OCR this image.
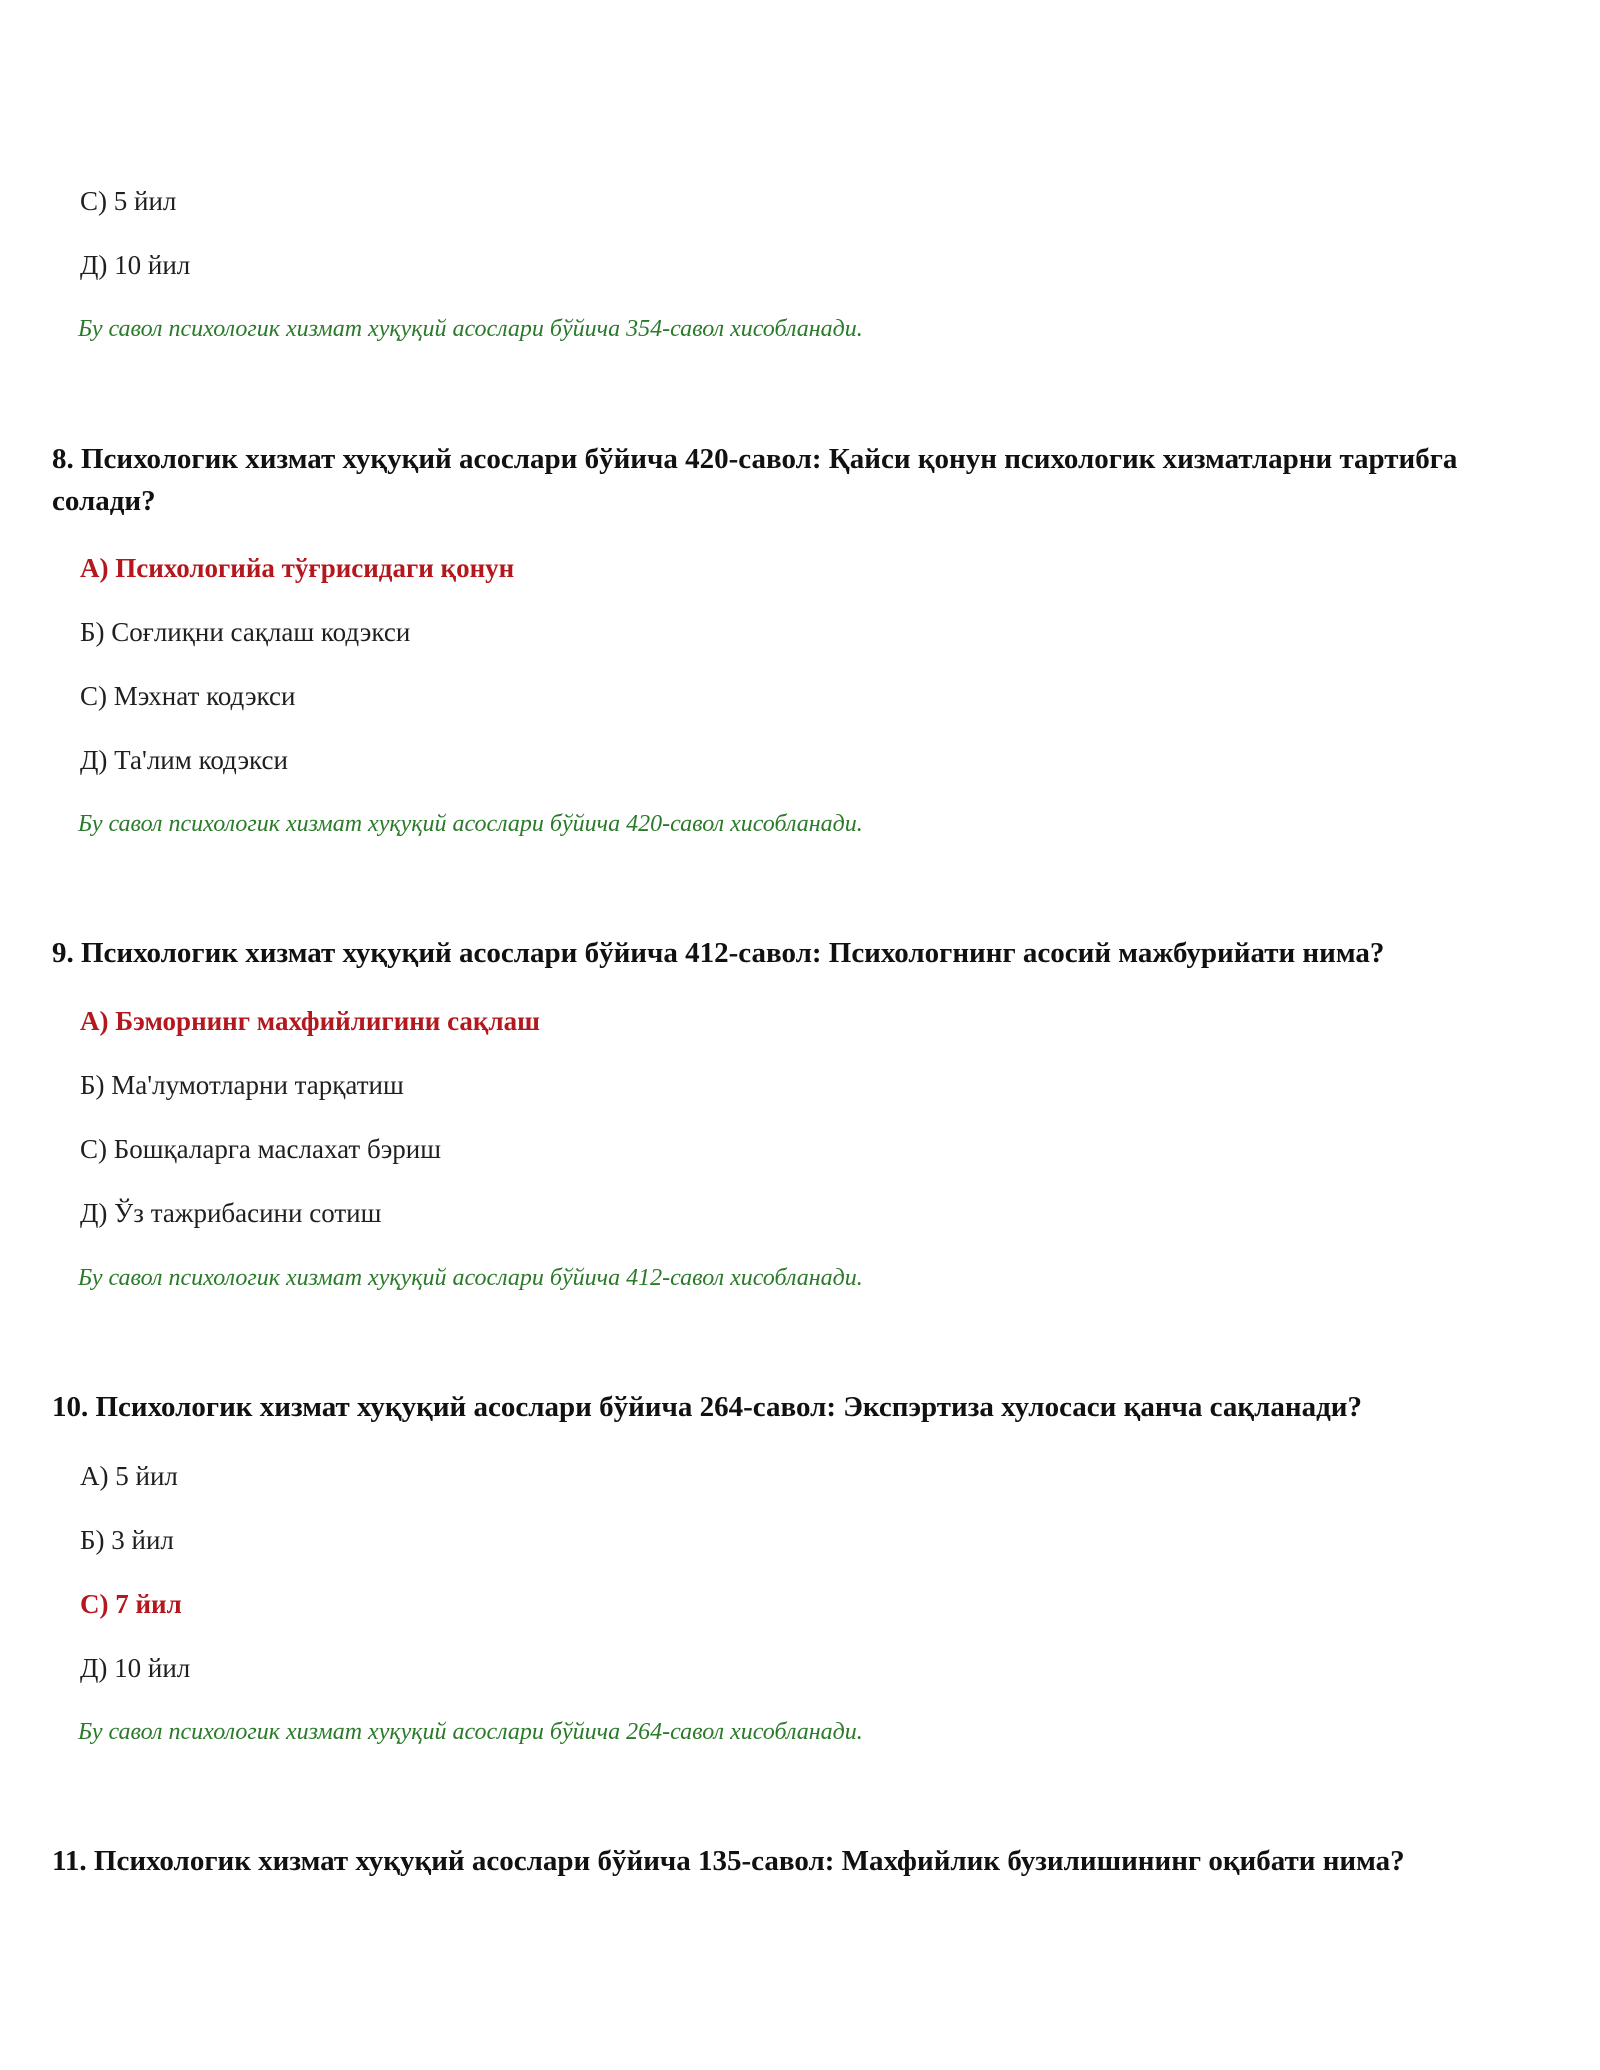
С) 5 йил
Д) 10 йил
Бу савол психологик хизмат хуқуқий асослари бўйича 354-савол хисобланади.
8. Психологик хизмат хуқуқий асослари бўйича 420-савол: Қайси қонун психологик хизматларни тартибга солади?
А) Психологийа тўғрисидаги қонун
Б) Соғлиқни сақлаш кодэкси
С) Мэхнат кодэкси
Д) Та'лим кодэкси
Бу савол психологик хизмат хуқуқий асослари бўйича 420-савол хисобланади.
9. Психологик хизмат хуқуқий асослари бўйича 412-савол: Психологнинг асосий мажбурийати нима?
А) Бэморнинг махфийлигини сақлаш
Б) Ма'лумотларни тарқатиш
С) Бошқаларга маслахат бэриш
Д) Ўз тажрибасини сотиш
Бу савол психологик хизмат хуқуқий асослари бўйича 412-савол хисобланади.
10. Психологик хизмат хуқуқий асослари бўйича 264-савол: Экспэртиза хулосаси қанча сақланади?
А) 5 йил
Б) 3 йил
С) 7 йил
Д) 10 йил
Бу савол психологик хизмат хуқуқий асослари бўйича 264-савол хисобланади.
11. Психологик хизмат хуқуқий асослари бўйича 135-савол: Махфийлик бузилишининг оқибати нима?
